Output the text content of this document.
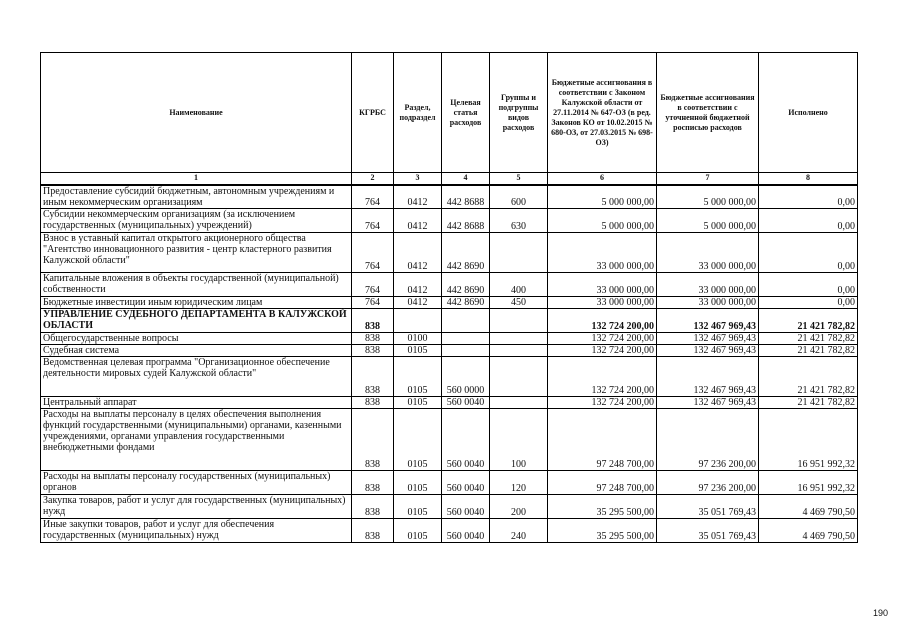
Наименование	КГРБС	Раздел, подраздел	Целевая статья расходов	Группы и подгруппы видов расходов	Бюджетные ассигнования в соответствии с Законом Калужской области от 27.11.2014 № 647-ОЗ (в ред. Законов КО от 10.02.2015 № 680-ОЗ, от 27.03.2015 № 698-ОЗ)	Бюджетные ассигнования в соответствии с уточненной бюджетной росписью расходов	Исполнено
1	2	3	4	5	6	7	8
Предоставление субсидий бюджетным, автономным учреждениям и иным некоммерческим организациям	764	0412	442 8688	600	5 000 000,00	5 000 000,00	0,00
Субсидии некоммерческим организациям (за исключением государственных (муниципальных) учреждений)	764	0412	442 8688	630	5 000 000,00	5 000 000,00	0,00
Взнос в уставный капитал открытого акционерного общества "Агентство инновационного развития - центр кластерного развития Калужской области"	764	0412	442 8690		33 000 000,00	33 000 000,00	0,00
Капитальные вложения в объекты государственной (муниципальной) собственности	764	0412	442 8690	400	33 000 000,00	33 000 000,00	0,00
Бюджетные инвестиции иным юридическим лицам	764	0412	442 8690	450	33 000 000,00	33 000 000,00	0,00
УПРАВЛЕНИЕ СУДЕБНОГО ДЕПАРТАМЕНТА В КАЛУЖСКОЙ ОБЛАСТИ	838				132 724 200,00	132 467 969,43	21 421 782,82
Общегосударственные вопросы	838	0100			132 724 200,00	132 467 969,43	21 421 782,82
Судебная система	838	0105			132 724 200,00	132 467 969,43	21 421 782,82
Ведомственная целевая программа "Организационное обеспечение деятельности мировых судей Калужской области"	838	0105	560 0000		132 724 200,00	132 467 969,43	21 421 782,82
Центральный аппарат	838	0105	560 0040		132 724 200,00	132 467 969,43	21 421 782,82
Расходы на выплаты персоналу в целях обеспечения выполнения функций государственными (муниципальными) органами, казенными учреждениями, органами управления государственными внебюджетными фондами	838	0105	560 0040	100	97 248 700,00	97 236 200,00	16 951 992,32
Расходы на выплаты персоналу государственных (муниципальных) органов	838	0105	560 0040	120	97 248 700,00	97 236 200,00	16 951 992,32
Закупка товаров, работ и услуг для государственных (муниципальных) нужд	838	0105	560 0040	200	35 295 500,00	35 051 769,43	4 469 790,50
Иные закупки товаров, работ и услуг для обеспечения государственных (муниципальных) нужд	838	0105	560 0040	240	35 295 500,00	35 051 769,43	4 469 790,50
190
